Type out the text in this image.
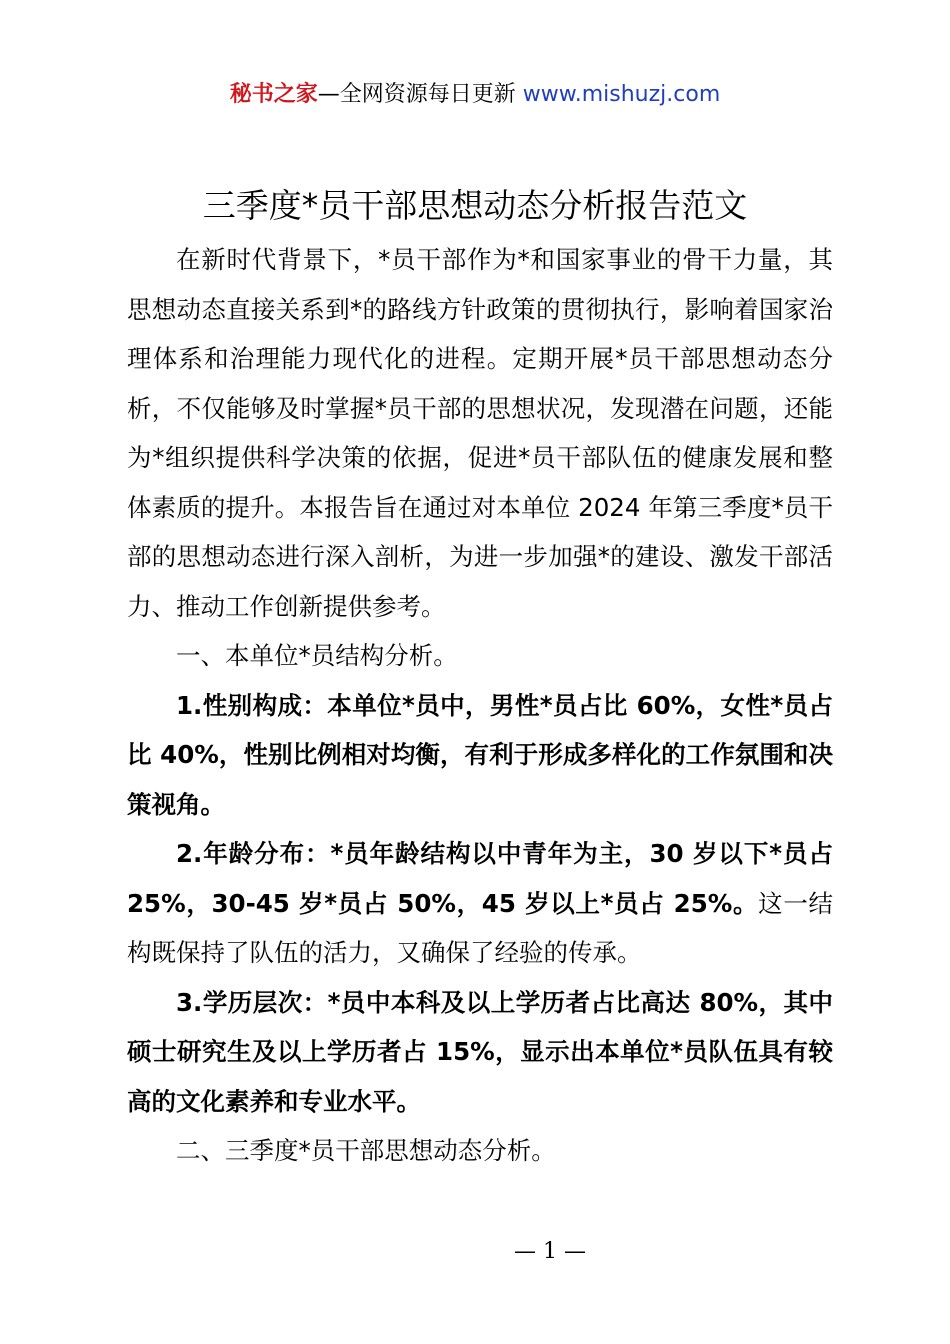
秘书之家—全网资源每日更新 www.mishuzj.com
三季度*员干部思想动态分析报告范文

在新时代背景下，*员干部作为*和国家事业的骨干力量，其思想动态直接关系到*的路线方针政策的贯彻执行，影响着国家治理体系和治理能力现代化的进程。定期开展*员干部思想动态分析，不仅能够及时掌握*员干部的思想状况，发现潜在问题，还能为*组织提供科学决策的依据，促进*员干部队伍的健康发展和整体素质的提升。本报告旨在通过对本单位 2024 年第三季度*员干部的思想动态进行深入剖析，为进一步加强*的建设、激发干部活力、推动工作创新提供参考。

一、本单位*员结构分析。

1.性别构成：本单位*员中，男性*员占比 60%，女性*员占比 40%，性别比例相对均衡，有利于形成多样化的工作氛围和决策视角。

2.年龄分布：*员年龄结构以中青年为主，30 岁以下*员占 25%，30-45 岁*员占 50%，45 岁以上*员占 25%。这一结构既保持了队伍的活力，又确保了经验的传承。

3.学历层次：*员中本科及以上学历者占比高达 80%，其中硕士研究生及以上学历者占 15%，显示出本单位*员队伍具有较高的文化素养和专业水平。

二、三季度*员干部思想动态分析。

— 1 —
